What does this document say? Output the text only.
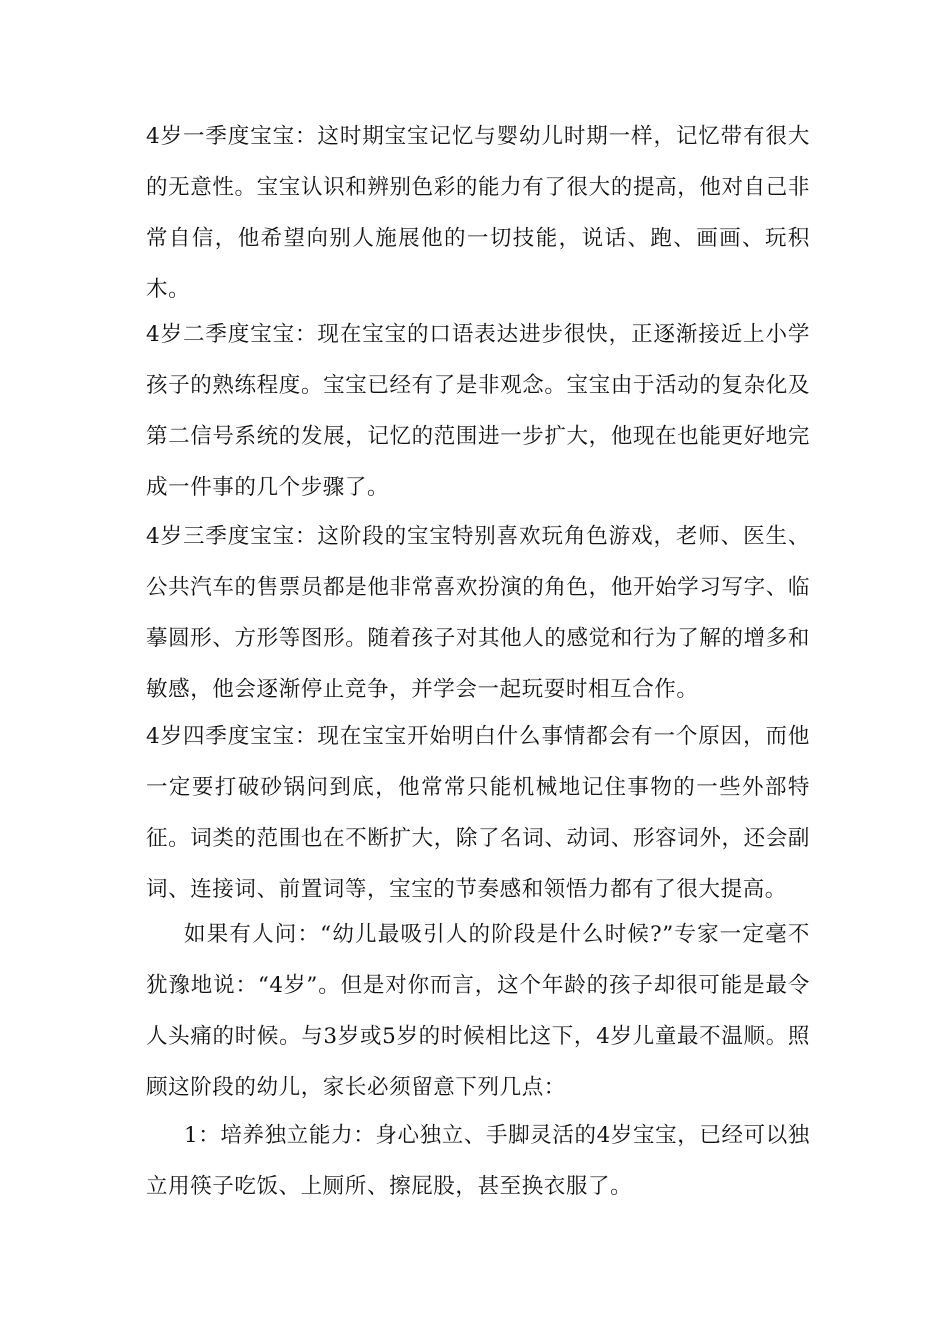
4岁一季度宝宝：这时期宝宝记忆与婴幼儿时期一样，记忆带有很大的无意性。宝宝认识和辨别色彩的能力有了很大的提高，他对自己非常自信，他希望向别人施展他的一切技能，说话、跑、画画、玩积木。

4岁二季度宝宝：现在宝宝的口语表达进步很快，正逐渐接近上小学孩子的熟练程度。宝宝已经有了是非观念。宝宝由于活动的复杂化及第二信号系统的发展，记忆的范围进一步扩大，他现在也能更好地完成一件事的几个步骤了。

4岁三季度宝宝：这阶段的宝宝特别喜欢玩角色游戏，老师、医生、公共汽车的售票员都是他非常喜欢扮演的角色，他开始学习写字、临摹圆形、方形等图形。随着孩子对其他人的感觉和行为了解的增多和敏感，他会逐渐停止竞争，并学会一起玩耍时相互合作。

4岁四季度宝宝：现在宝宝开始明白什么事情都会有一个原因，而他一定要打破砂锅问到底，他常常只能机械地记住事物的一些外部特征。词类的范围也在不断扩大，除了名词、动词、形容词外，还会副词、连接词、前置词等，宝宝的节奏感和领悟力都有了很大提高。

如果有人问：“幼儿最吸引人的阶段是什么时候?”专家一定毫不犹豫地说：“4岁”。但是对你而言，这个年龄的孩子却很可能是最令人头痛的时候。与3岁或5岁的时候相比这下，4岁儿童最不温顺。照顾这阶段的幼儿，家长必须留意下列几点：

1：培养独立能力：身心独立、手脚灵活的4岁宝宝，已经可以独立用筷子吃饭、上厕所、擦屁股，甚至换衣服了。
